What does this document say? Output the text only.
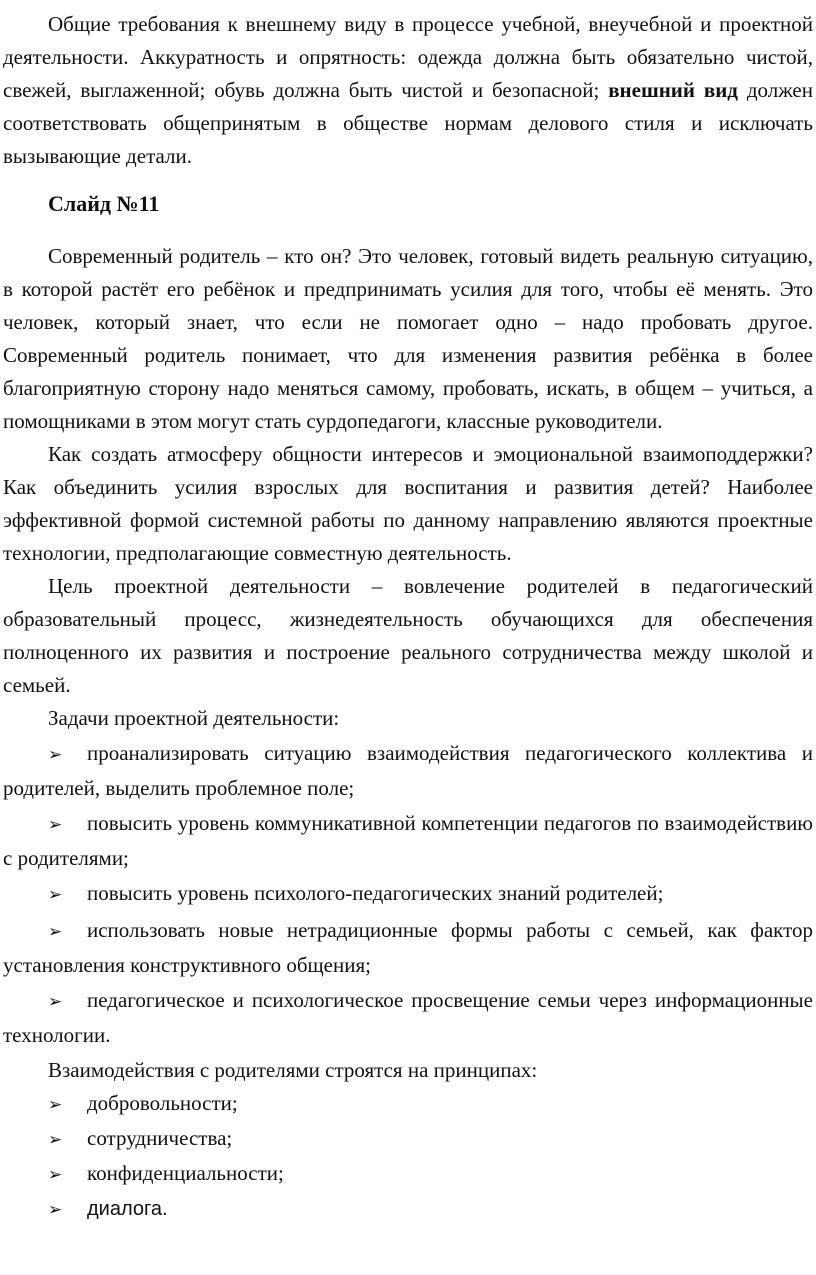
Общие требования к внешнему виду в процессе учебной, внеучебной и проектной деятельности. Аккуратность и опрятность: одежда должна быть обязательно чистой, свежей, выглаженной; обувь должна быть чистой и безопасной; внешний вид должен соответствовать общепринятым в обществе нормам делового стиля и исключать вызывающие детали.

Слайд №11

Современный родитель – кто он? Это человек, готовый видеть реальную ситуацию, в которой растёт его ребёнок и предпринимать усилия для того, чтобы её менять. Это человек, который знает, что если не помогает одно – надо пробовать другое. Современный родитель понимает, что для изменения развития ребёнка в более благоприятную сторону надо меняться самому, пробовать, искать, в общем – учиться, а помощниками в этом могут стать сурдопедагоги, классные руководители.

Как создать атмосферу общности интересов и эмоциональной взаимоподдержки? Как объединить усилия взрослых для воспитания и развития детей? Наиболее эффективной формой системной работы по данному направлению являются проектные технологии, предполагающие совместную деятельность.

Цель проектной деятельности – вовлечение родителей в педагогический образовательный процесс, жизнедеятельность обучающихся для обеспечения полноценного их развития и построение реального сотрудничества между школой и семьей.

Задачи проектной деятельности:

➢ проанализировать ситуацию взаимодействия педагогического коллектива и родителей, выделить проблемное поле;

➢ повысить уровень коммуникативной компетенции педагогов по взаимодействию с родителями;

➢ повысить уровень психолого-педагогических знаний родителей;

➢ использовать новые нетрадиционные формы работы с семьей, как фактор установления конструктивного общения;

➢ педагогическое и психологическое просвещение семьи через информационные технологии.

Взаимодействия с родителями строятся на принципах:

➢ добровольности;

➢ сотрудничества;

➢ конфиденциальности;

➢ диалога.
